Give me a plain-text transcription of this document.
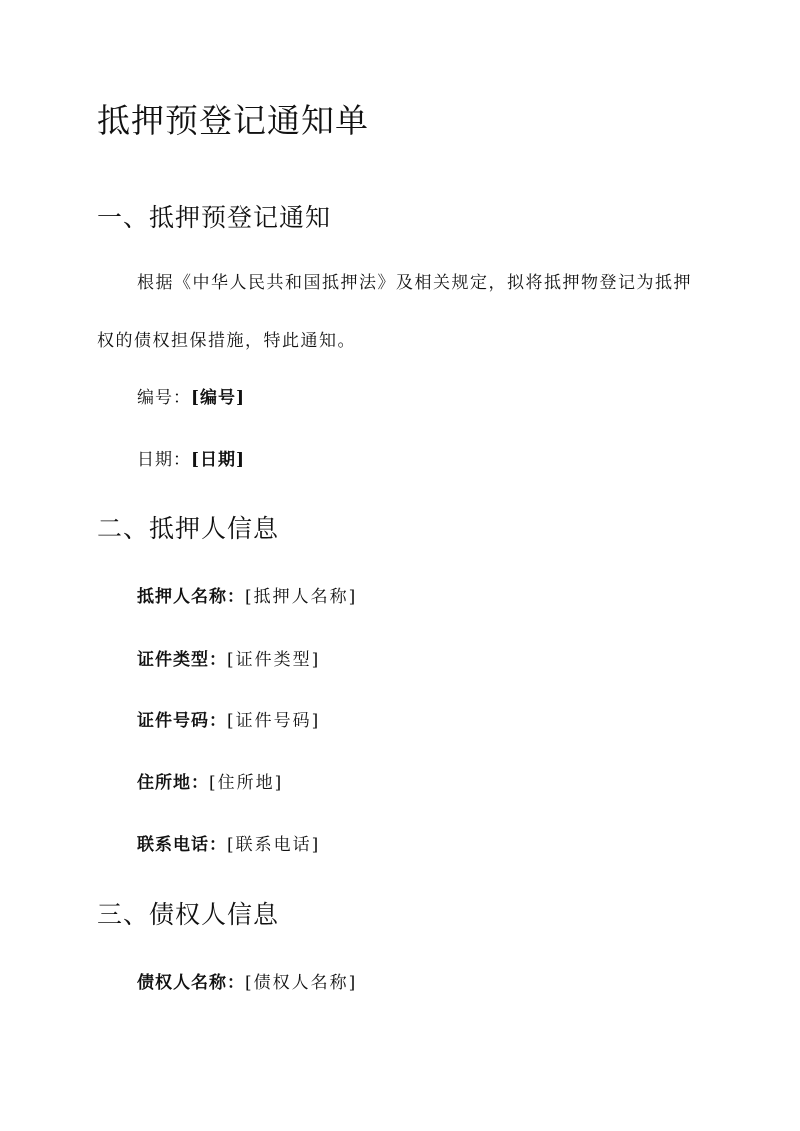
抵押预登记通知单
一、抵押预登记通知

根据《中华人民共和国抵押法》及相关规定，拟将抵押物登记为抵押权的债权担保措施，特此通知。

编号：[编号]

日期：[日期]

二、抵押人信息

抵押人名称：[抵押人名称]

证件类型：[证件类型]

证件号码：[证件号码]

住所地：[住所地]

联系电话：[联系电话]

三、债权人信息

债权人名称：[债权人名称]
